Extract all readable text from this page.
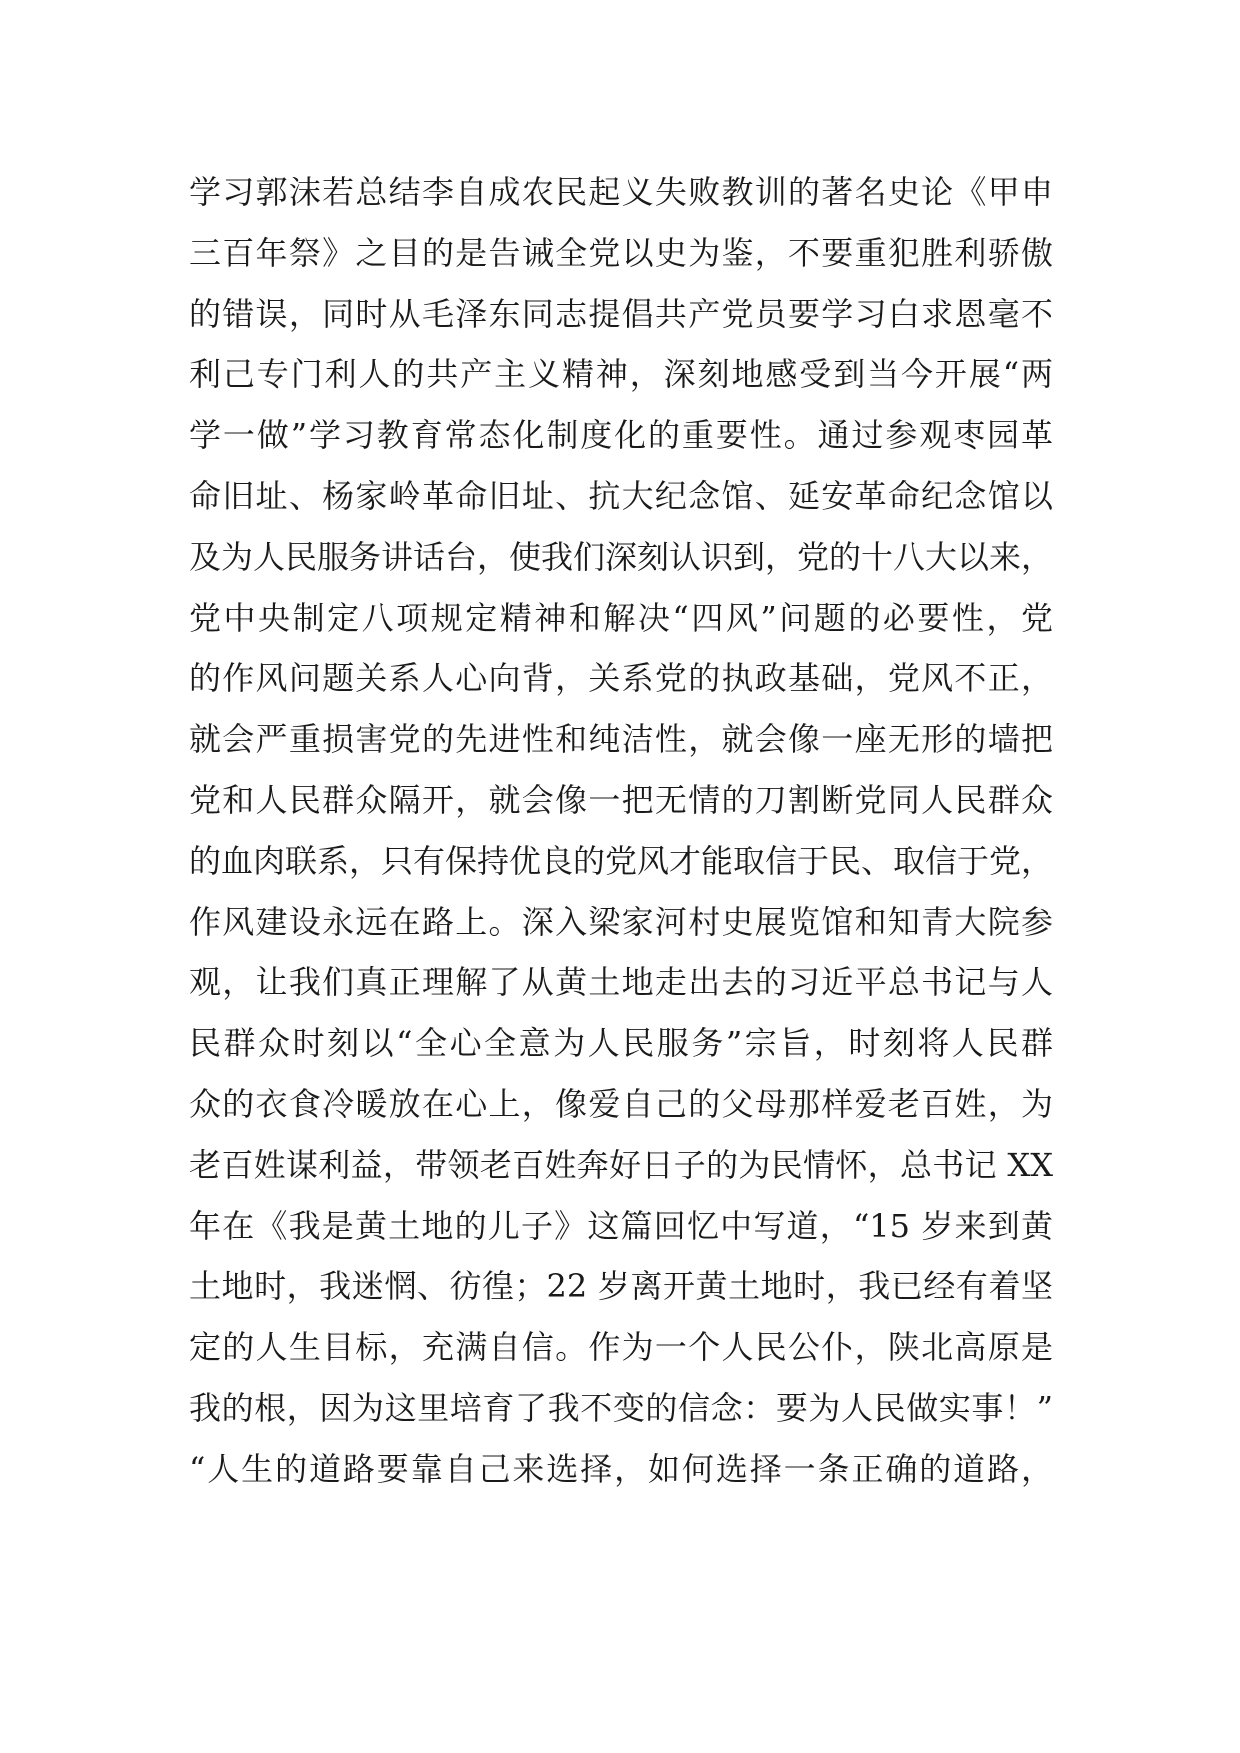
学习郭沫若总结李自成农民起义失败教训的著名史论《甲申
三百年祭》之目的是告诫全党以史为鉴，不要重犯胜利骄傲
的错误，同时从毛泽东同志提倡共产党员要学习白求恩毫不
利己专门利人的共产主义精神，深刻地感受到当今开展“两
学一做”学习教育常态化制度化的重要性。通过参观枣园革
命旧址、杨家岭革命旧址、抗大纪念馆、延安革命纪念馆以
及为人民服务讲话台，使我们深刻认识到，党的十八大以来，
党中央制定八项规定精神和解决“四风”问题的必要性，党
的作风问题关系人心向背，关系党的执政基础，党风不正，
就会严重损害党的先进性和纯洁性，就会像一座无形的墙把
党和人民群众隔开，就会像一把无情的刀割断党同人民群众
的血肉联系，只有保持优良的党风才能取信于民、取信于党，
作风建设永远在路上。深入梁家河村史展览馆和知青大院参
观，让我们真正理解了从黄土地走出去的习近平总书记与人
民群众时刻以“全心全意为人民服务”宗旨，时刻将人民群
众的衣食冷暖放在心上，像爱自己的父母那样爱老百姓，为
老百姓谋利益，带领老百姓奔好日子的为民情怀，总书记 XX
年在《我是黄土地的儿子》这篇回忆中写道，“15 岁来到黄
土地时，我迷惘、彷徨；22 岁离开黄土地时，我已经有着坚
定的人生目标，充满自信。作为一个人民公仆，陕北高原是
我的根，因为这里培育了我不变的信念：要为人民做实事！”
“人生的道路要靠自己来选择，如何选择一条正确的道路，
